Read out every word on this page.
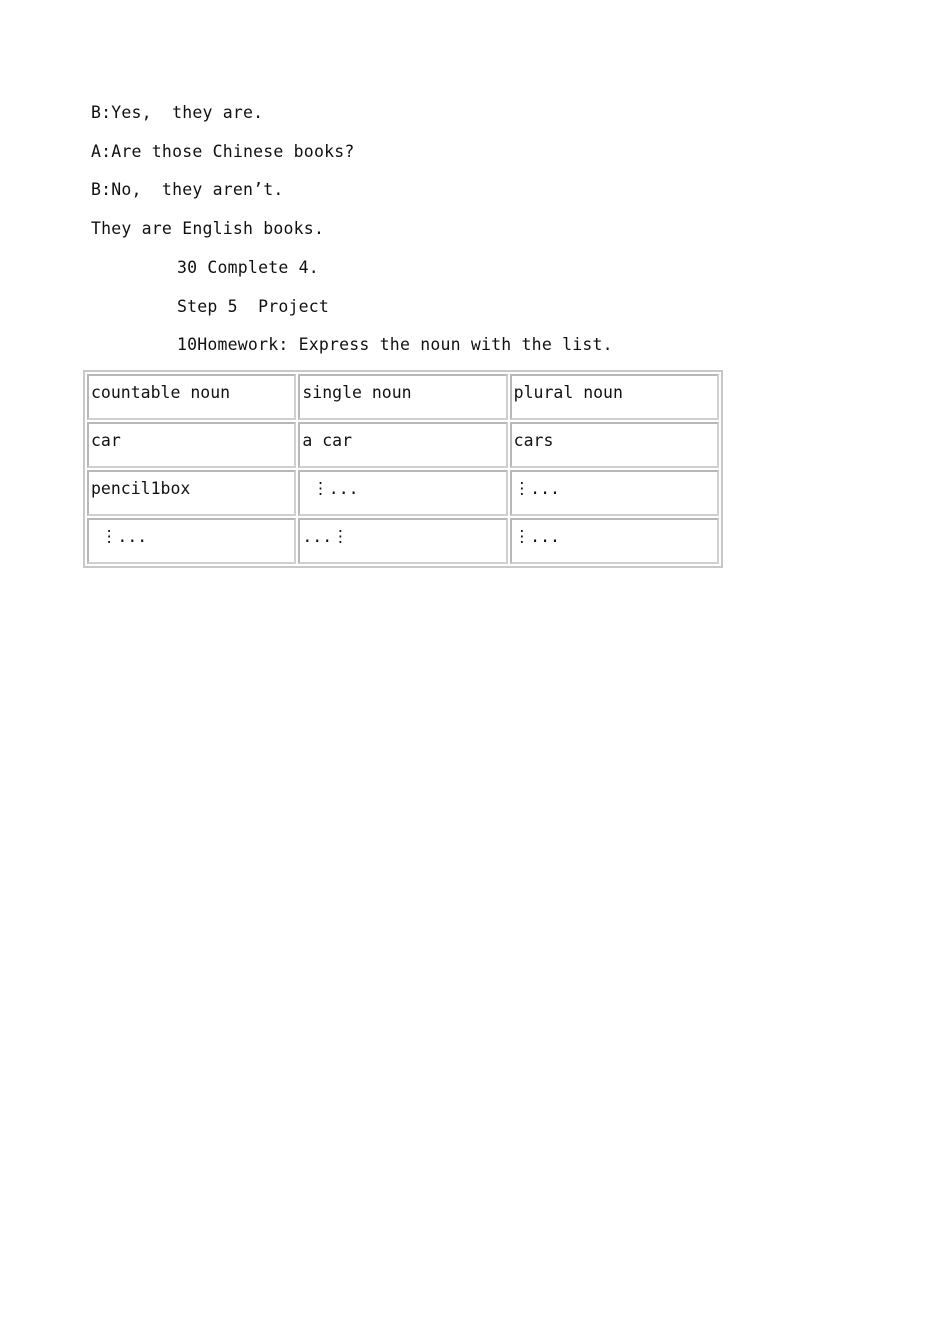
B:Yes,  they are.
A:Are those Chinese books?
B:No,  they aren’t.
They are English books.
30 Complete 4.
Step 5  Project
10Homework: Express the noun with the list.
countable noun	single noun	plural noun
car	a car	cars
pencil1box	⋮...	⋮...
⋮...	...⋮	⋮...
